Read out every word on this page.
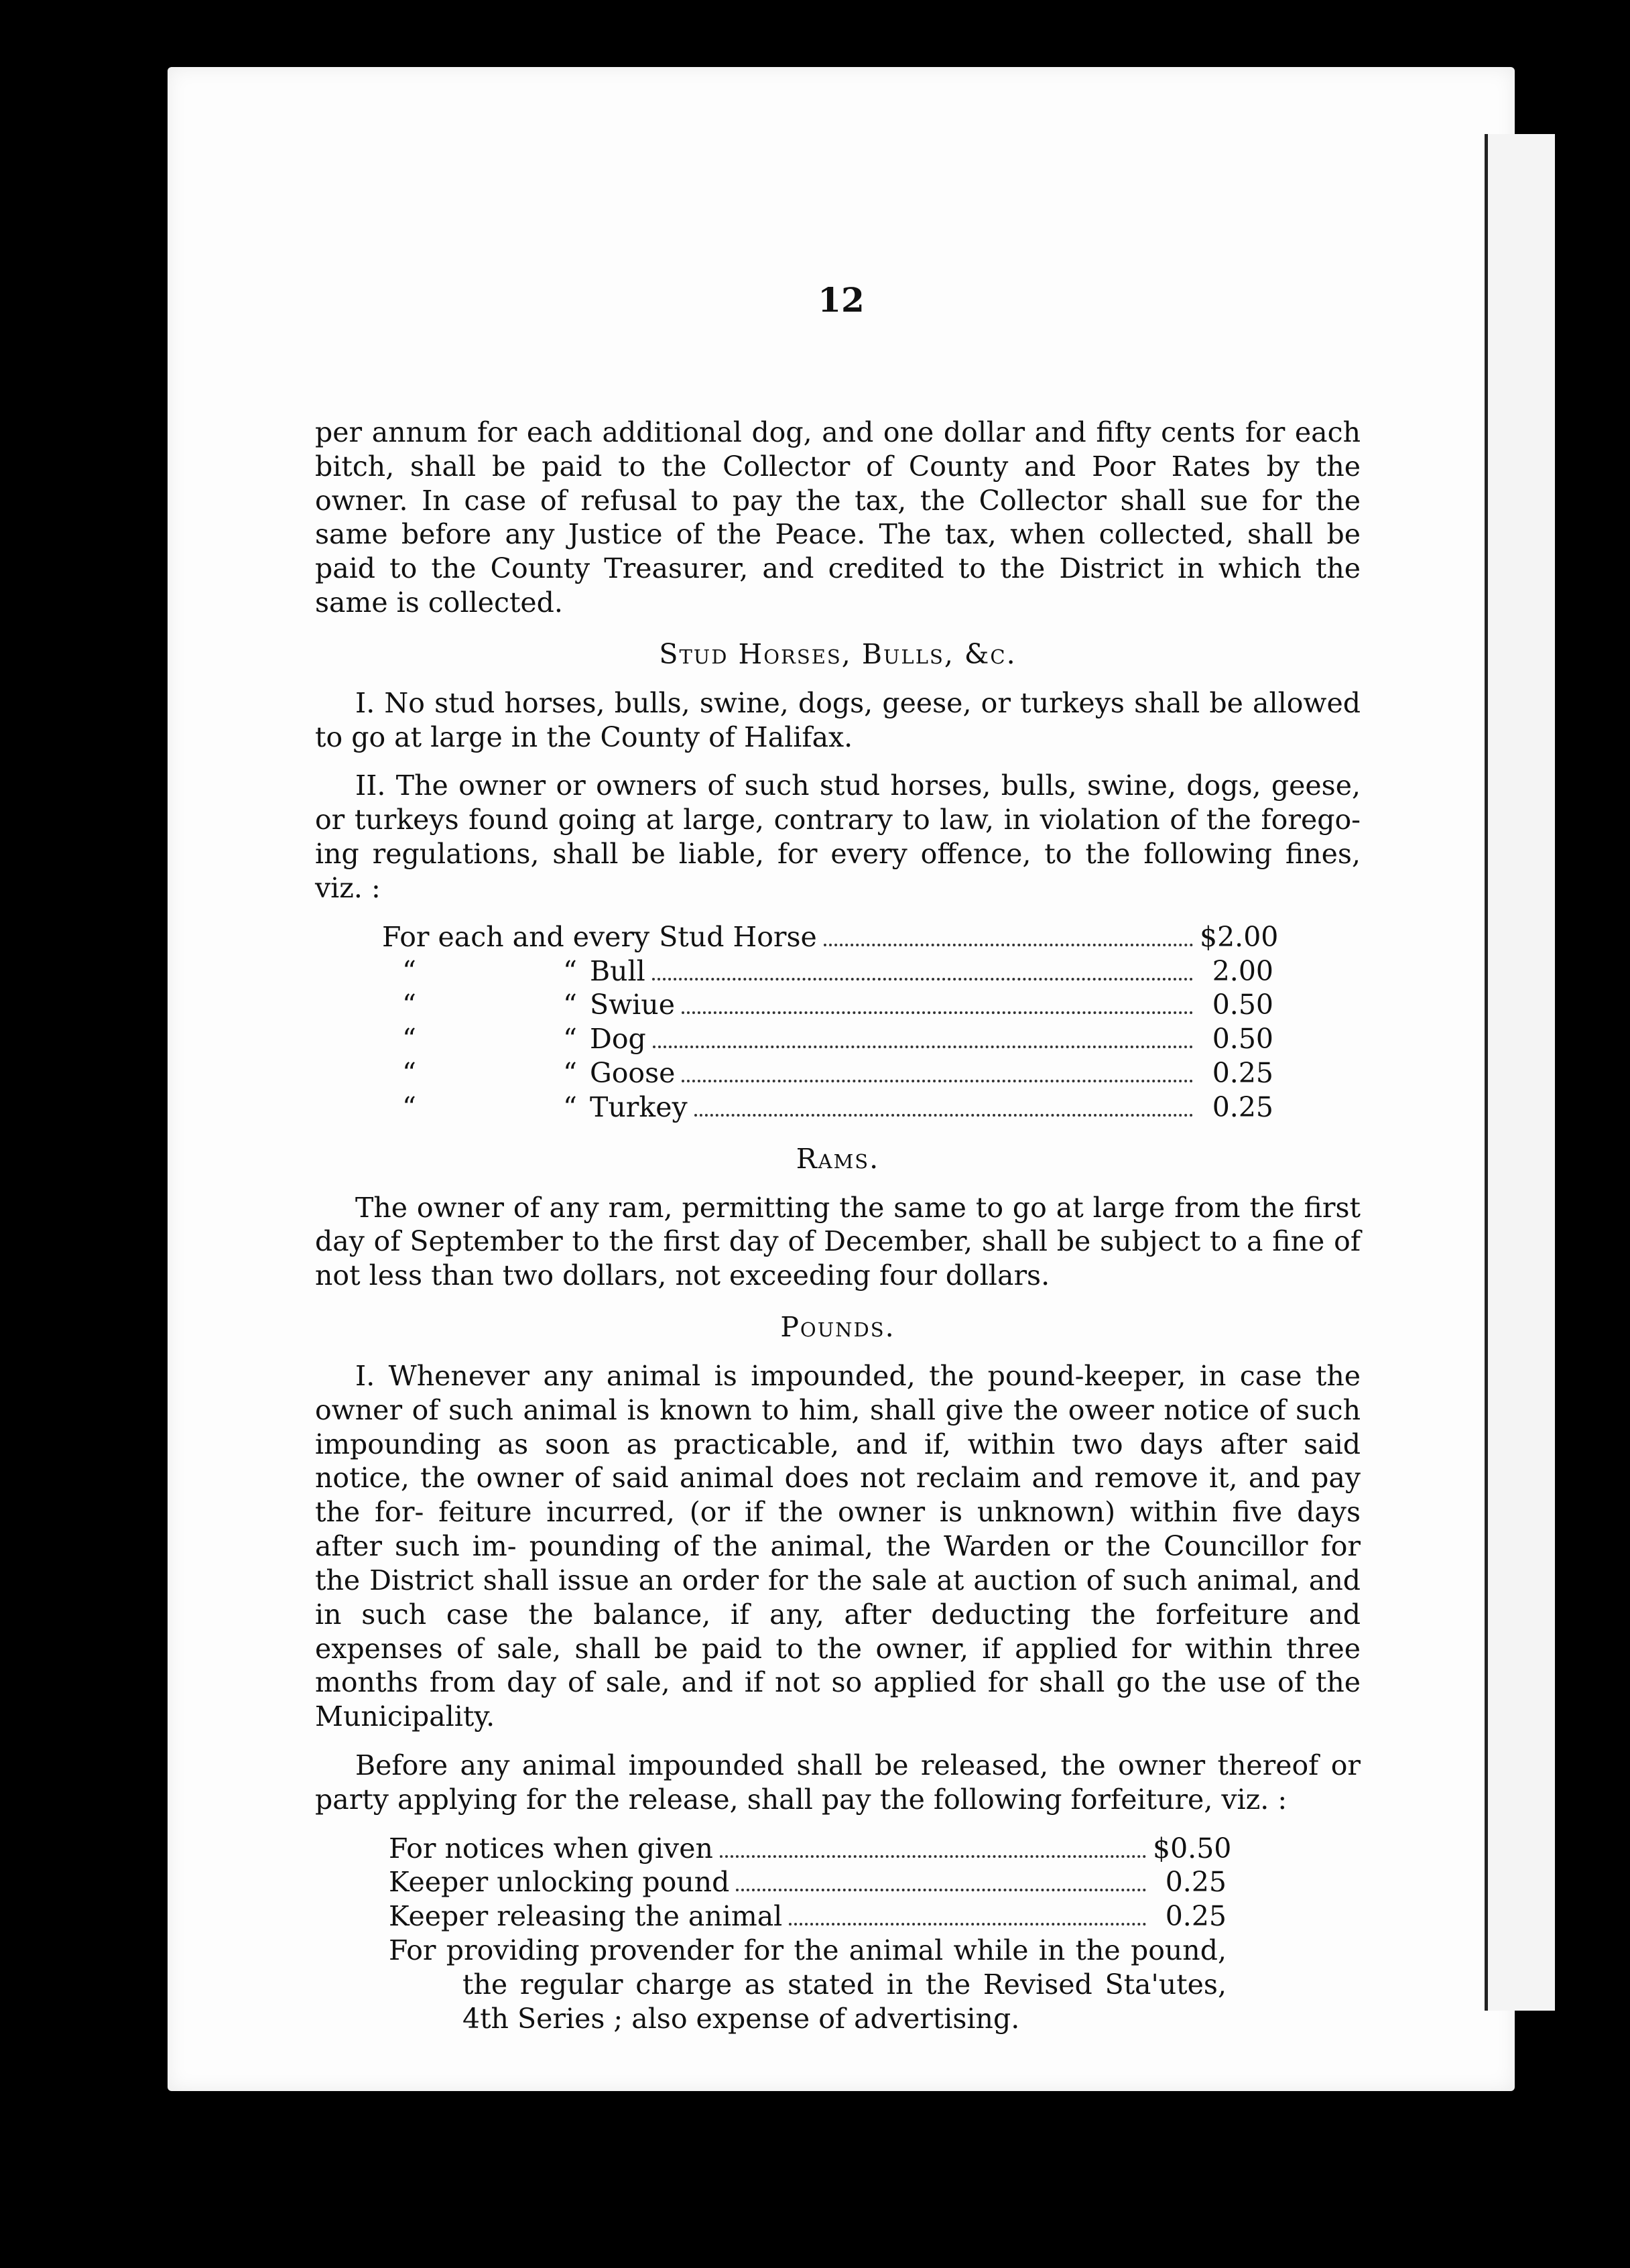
12

per annum for each additional dog, and one dollar and fifty cents for each bitch, shall be paid to the Collector of County and Poor Rates by the owner. In case of refusal to pay the tax, the Collector shall sue for the same before any Justice of the Peace. The tax, when collected, shall be paid to the County Treasurer, and credited to the District in which the same is collected.

Stud Horses, Bulls, &c.

I. No stud horses, bulls, swine, dogs, geese, or turkeys shall be allowed to go at large in the County of Halifax.

II. The owner or owners of such stud horses, bulls, swine, dogs, geese, or turkeys found going at large, contrary to law, in violation of the forego- ing regulations, shall be liable, for every offence, to the following fines, viz. :

For each and every Stud Horse	$2.00
“	“ Bull	2.00
“	“ Swiue	0.50
“	“ Dog	0.50
“	“ Goose	0.25
“	“ Turkey	0.25
Rams.

The owner of any ram, permitting the same to go at large from the first day of September to the first day of December, shall be subject to a fine of not less than two dollars, not exceeding four dollars.

Pounds.

I. Whenever any animal is impounded, the pound-keeper, in case the owner of such animal is known to him, shall give the oweer notice of such impounding as soon as practicable, and if, within two days after said notice, the owner of said animal does not reclaim and remove it, and pay the for- feiture incurred, (or if the owner is unknown) within five days after such im- pounding of the animal, the Warden or the Councillor for the District shall issue an order for the sale at auction of such animal, and in such case the balance, if any, after deducting the forfeiture and expenses of sale, shall be paid to the owner, if applied for within three months from day of sale, and if not so applied for shall go the use of the Municipality.

Before any animal impounded shall be released, the owner thereof or party applying for the release, shall pay the following forfeiture, viz. :

For notices when given	$0.50
Keeper unlocking pound	0.25
Keeper releasing the animal	0.25
For providing provender for the animal while in the pound, the regular charge as stated in the Revised Sta'utes, 4th Series ; also expense of advertising.
